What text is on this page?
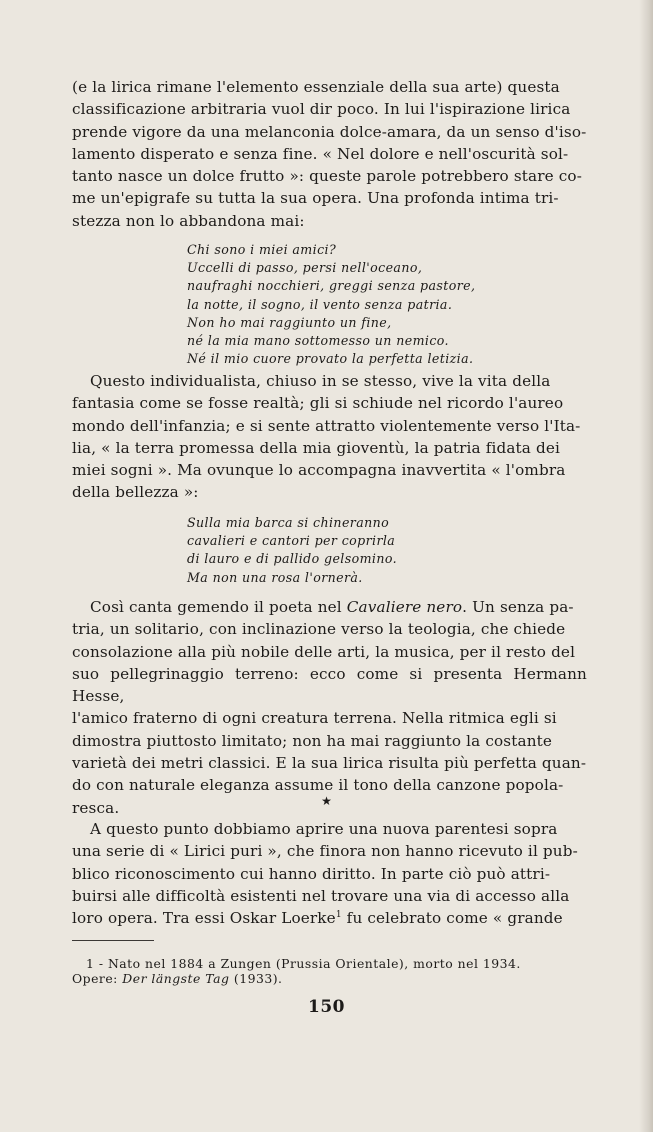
(e la lirica rimane l'elemento essenziale della sua arte) questa

classificazione arbitraria vuol dir poco. In lui l'ispirazione lirica

prende vigore da una melanconia dolce-amara, da un senso d'iso-

lamento disperato e senza fine. « Nel dolore e nell'oscurità sol-

tanto nasce un dolce frutto »: queste parole potrebbero stare co-

me un'epigrafe su tutta la sua opera. Una profonda intima tri-

stezza non lo abbandona mai:

Chi sono i miei amici?
Uccelli di passo, persi nell'oceano,
naufraghi nocchieri, greggi senza pastore,
la notte, il sogno, il vento senza patria.
Non ho mai raggiunto un fine,
né la mia mano sottomesso un nemico.
Né il mio cuore provato la perfetta letizia.

Questo individualista, chiuso in se stesso, vive la vita della

fantasia come se fosse realtà; gli si schiude nel ricordo l'aureo

mondo dell'infanzia; e si sente attratto violentemente verso l'Ita-

lia, « la terra promessa della mia gioventù, la patria fidata dei

miei sogni ». Ma ovunque lo accompagna inavvertita « l'ombra

della bellezza »:

Sulla mia barca si chineranno
cavalieri e cantori per coprirla
di lauro e di pallido gelsomino.
Ma non una rosa l'ornerà.

Così canta gemendo il poeta nel Cavaliere nero. Un senza pa-

tria, un solitario, con inclinazione verso la teologia, che chiede

consolazione alla più nobile delle arti, la musica, per il resto del

suo pellegrinaggio terreno: ecco come si presenta Hermann Hesse,

l'amico fraterno di ogni creatura terrena. Nella ritmica egli si

dimostra piuttosto limitato; non ha mai raggiunto la costante

varietà dei metri classici. E la sua lirica risulta più perfetta quan-

do con naturale eleganza assume il tono della canzone popola-

resca.	★

A questo punto dobbiamo aprire una nuova parentesi sopra

una serie di « Lirici puri », che finora non hanno ricevuto il pub-

blico riconoscimento cui hanno diritto. In parte ciò può attri-

buirsi alle difficoltà esistenti nel trovare una via di accesso alla

loro opera. Tra essi Oskar Loerke$^1$ fu celebrato come « grande

1 - Nato nel 1884 a Zungen (Prussia Orientale), morto nel 1934.

Opere: Der längste Tag (1933).

150
